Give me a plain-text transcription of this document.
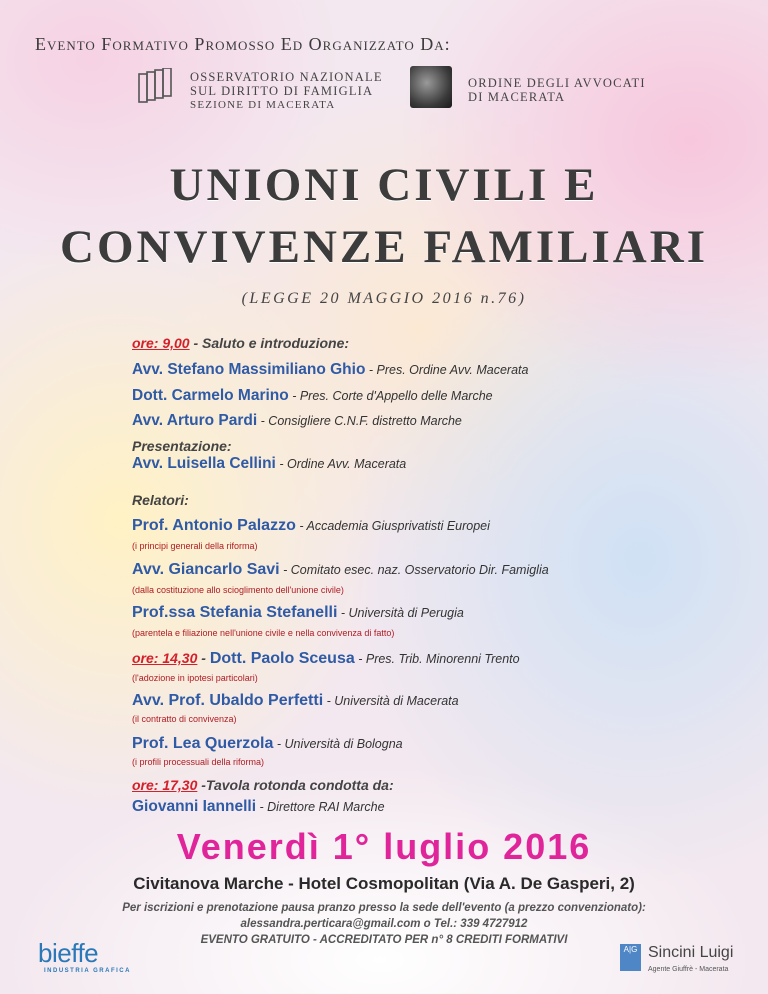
Evento Formativo Promosso Ed Organizzato Da:
OSSERVATORIO NAZIONALE
SUL DIRITTO DI FAMIGLIA
SEZIONE DI MACERATA
ORDINE DEGLI AVVOCATI
DI MACERATA
UNIONI CIVILI E
CONVIVENZE FAMILIARI
(LEGGE 20 MAGGIO 2016 n.76)
ore: 9,00 - Saluto e introduzione:
Avv. Stefano Massimiliano Ghio - Pres. Ordine Avv. Macerata
Dott. Carmelo Marino - Pres. Corte d'Appello delle Marche
Avv. Arturo Pardi - Consigliere C.N.F. distretto Marche
Presentazione:
Avv. Luisella Cellini - Ordine Avv. Macerata
Relatori:
Prof. Antonio Palazzo - Accademia Giusprivatisti Europei
(i principi generali della riforma)
Avv. Giancarlo Savi - Comitato esec. naz. Osservatorio Dir. Famiglia
(dalla costituzione allo scioglimento dell'unione civile)
Prof.ssa Stefania Stefanelli - Università di Perugia
(parentela e filiazione nell'unione civile e nella convivenza di fatto)
ore: 14,30 - Dott. Paolo Sceusa - Pres. Trib. Minorenni Trento
(l'adozione in ipotesi particolari)
Avv. Prof. Ubaldo Perfetti - Università di Macerata
(il contratto di convivenza)
Prof. Lea Querzola - Università di Bologna
(i profili processuali della riforma)
ore: 17,30 -Tavola rotonda condotta da:
Giovanni Iannelli - Direttore RAI Marche
Venerdì 1° luglio 2016
Civitanova Marche - Hotel Cosmopolitan (Via A. De Gasperi, 2)
Per iscrizioni e prenotazione pausa pranzo presso la sede dell'evento (a prezzo convenzionato):
alessandra.perticara@gmail.com o Tel.: 339 4727912
EVENTO GRATUITO - ACCREDITATO PER n° 8 CREDITI FORMATIVI
bieffe
INDUSTRIA GRAFICA
A|G Sincini Luigi
Agente Giuffrè - Macerata
